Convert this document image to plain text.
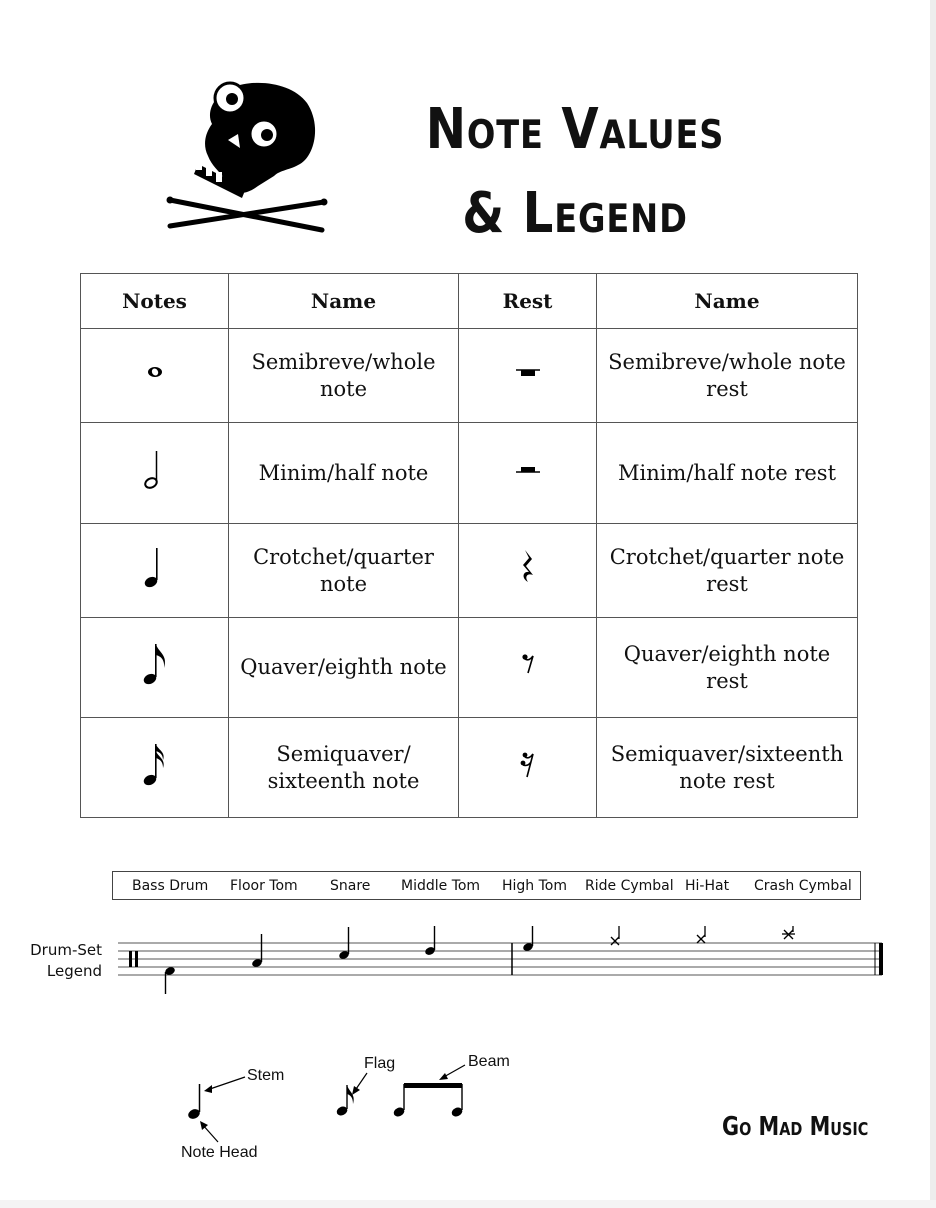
Note Values
& Legend
Notes	Name	Rest	Name
	Semibreve/whole note		Semibreve/whole note rest
	Minim/half note		Minim/half note rest
	Crotchet/quarter note		Crotchet/quarter note rest
	Quaver/eighth note		Quaver/eighth note rest
	Semiquaver/ sixteenth note		Semiquaver/sixteenth note rest
Bass Drum Floor Tom Snare Middle Tom High Tom Ride Cymbal Hi-Hat Crash Cymbal
Drum-Set Legend
Stem
Note Head
Flag	Beam
Go Mad Music
